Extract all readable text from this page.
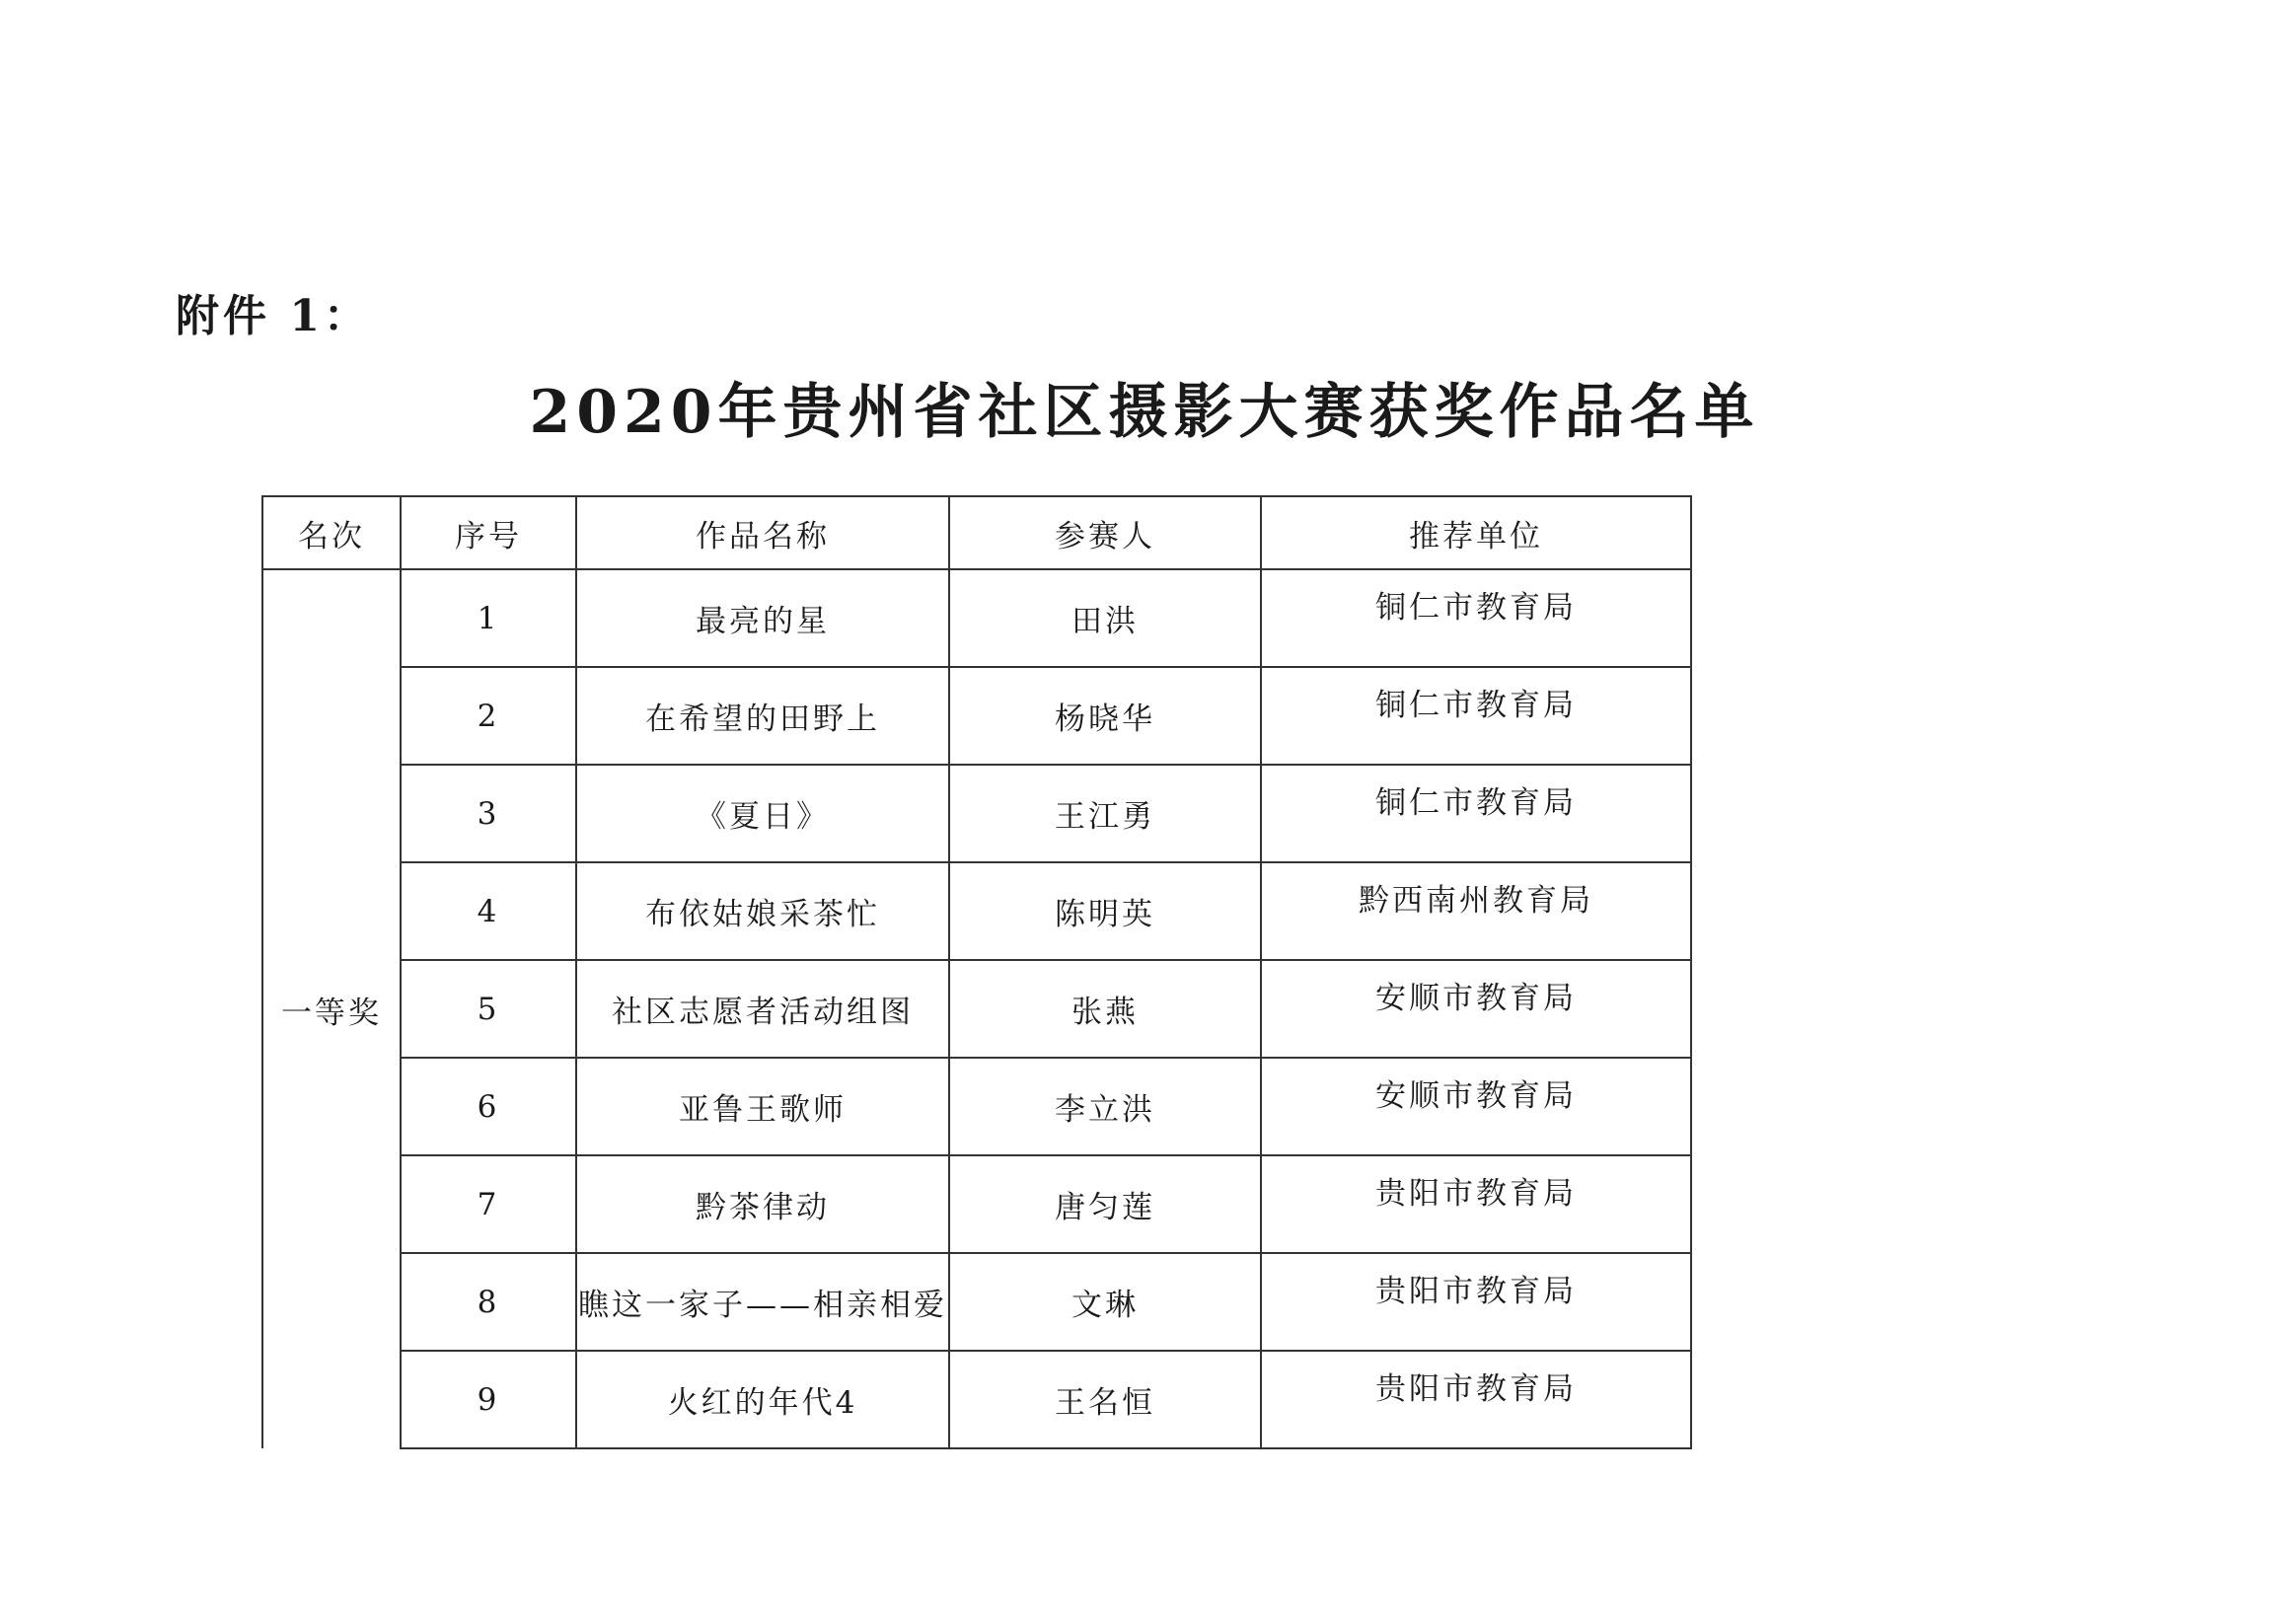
附件 1：
2020年贵州省社区摄影大赛获奖作品名单
名次	序号	作品名称	参赛人	推荐单位
一等奖	1	最亮的星	田洪	铜仁市教育局
	2	在希望的田野上	杨晓华	铜仁市教育局
	3	《夏日》	王江勇	铜仁市教育局
	4	布依姑娘采茶忙	陈明英	黔西南州教育局
	5	社区志愿者活动组图	张燕	安顺市教育局
	6	亚鲁王歌师	李立洪	安顺市教育局
	7	黔茶律动	唐匀莲	贵阳市教育局
	8	瞧这一家子——相亲相爱	文琳	贵阳市教育局
	9	火红的年代4	王名恒	贵阳市教育局
